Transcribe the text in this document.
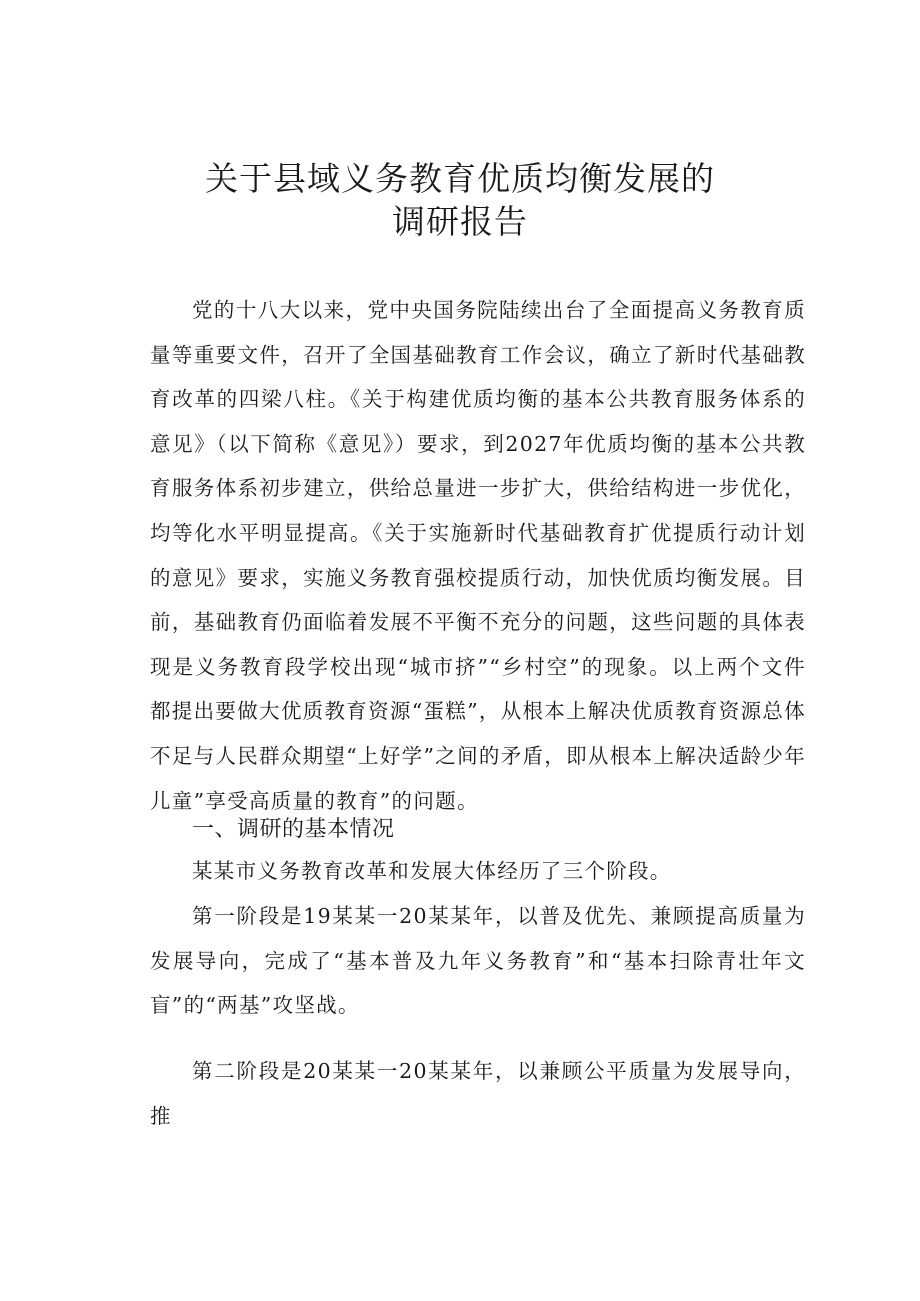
关于县域义务教育优质均衡发展的
调研报告

党的十八大以来，党中央国务院陆续出台了全面提高义务教育质量等重要文件，召开了全国基础教育工作会议，确立了新时代基础教育改革的四梁八柱。《关于构建优质均衡的基本公共教育服务体系的意见》（以下简称《意见》）要求，到2027年优质均衡的基本公共教育服务体系初步建立，供给总量进一步扩大，供给结构进一步优化，均等化水平明显提高。《关于实施新时代基础教育扩优提质行动计划的意见》要求，实施义务教育强校提质行动，加快优质均衡发展。目前，基础教育仍面临着发展不平衡不充分的问题，这些问题的具体表现是义务教育段学校出现“城市挤”“乡村空”的现象。以上两个文件都提出要做大优质教育资源“蛋糕”，从根本上解决优质教育资源总体不足与人民群众期望“上好学”之间的矛盾，即从根本上解决适龄少年儿童”享受高质量的教育”的问题。

一、调研的基本情况

某某市义务教育改革和发展大体经历了三个阶段。

第一阶段是19某某一20某某年，以普及优先、兼顾提高质量为发展导向，完成了“基本普及九年义务教育”和“基本扫除青壮年文盲”的“两基”攻坚战。

第二阶段是20某某一20某某年，以兼顾公平质量为发展导向，推
